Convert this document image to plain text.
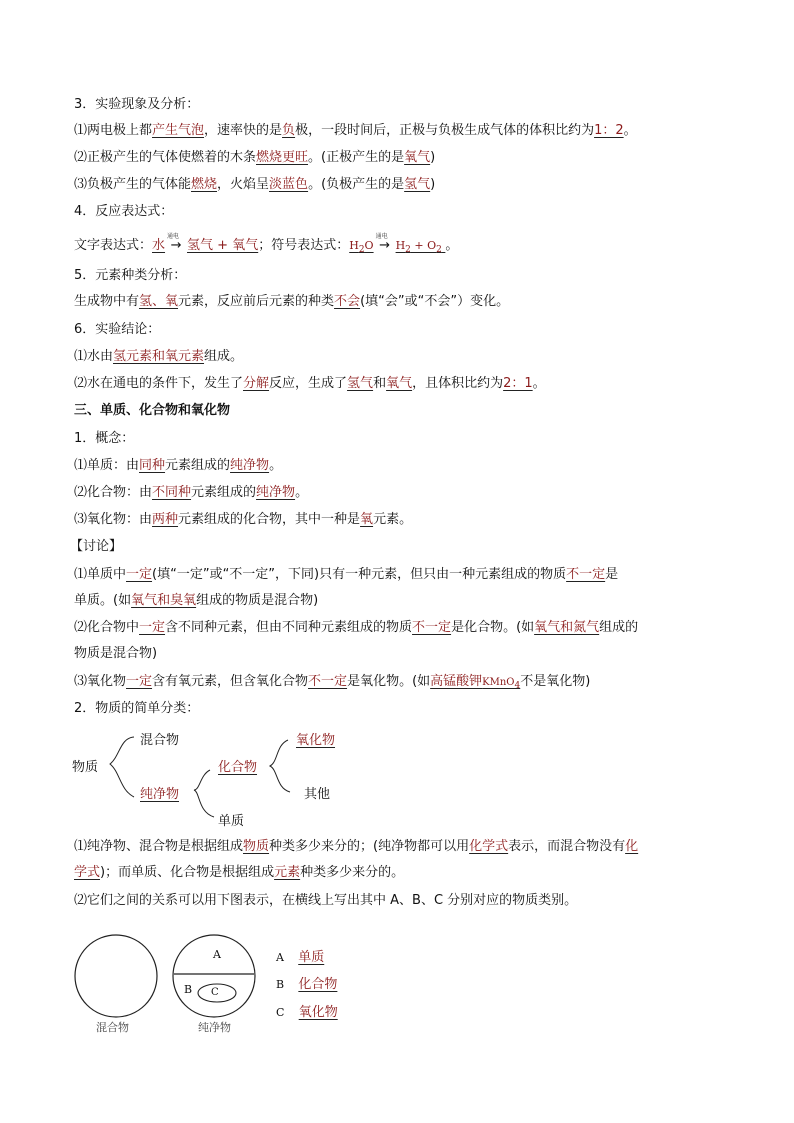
3．实验现象及分析：
⑴两电极上都产生气泡，速率快的是负极，一段时间后，正极与负极生成气体的体积比约为1：2。
⑵正极产生的气体使燃着的木条燃烧更旺。(正极产生的是氧气)
⑶负极产生的气体能燃烧，火焰呈淡蓝色。(负极产生的是氢气)
4．反应表达式：
文字表达式：水
通电
→ 氢气 + 氧气；符号表达式：$H_2O$
通电
→ $H_2 + O_2$ 。
5．元素种类分析：
生成物中有氢、氧元素，反应前后元素的种类不会(填“会”或“不会”）变化。
6．实验结论：
⑴水由氢元素和氧元素组成。
⑵水在通电的条件下，发生了分解反应，生成了氢气和氧气，且体积比约为2：1。
三、单质、化合物和氧化物
1．概念：
⑴单质：由同种元素组成的纯净物。
⑵化合物：由不同种元素组成的纯净物。
⑶氧化物：由两种元素组成的化合物，其中一种是氧元素。
【讨论】
⑴单质中一定(填“一定”或“不一定”，下同)只有一种元素，但只由一种元素组成的物质不一定是
单质。(如氧气和臭氧组成的物质是混合物)
⑵化合物中一定含不同种元素，但由不同种元素组成的物质不一定是化合物。(如氧气和氮气组成的
物质是混合物)
⑶氧化物一定含有氧元素，但含氧化合物不一定是氧化物。(如高锰酸钾KMnO$_4$不是氧化物)
2．物质的简单分类：
物质
混合物
纯净物
化合物
单质
氧化物
其他
⑴纯净物、混合物是根据组成物质种类多少来分的；(纯净物都可以用化学式表示，而混合物没有化
学式)；而单质、化合物是根据组成元素种类多少来分的。
⑵它们之间的关系可以用下图表示，在横线上写出其中 A、B、C 分别对应的物质类别。
A
B C
混合物	纯净物
A 单质
B 化合物
C 氧化物
